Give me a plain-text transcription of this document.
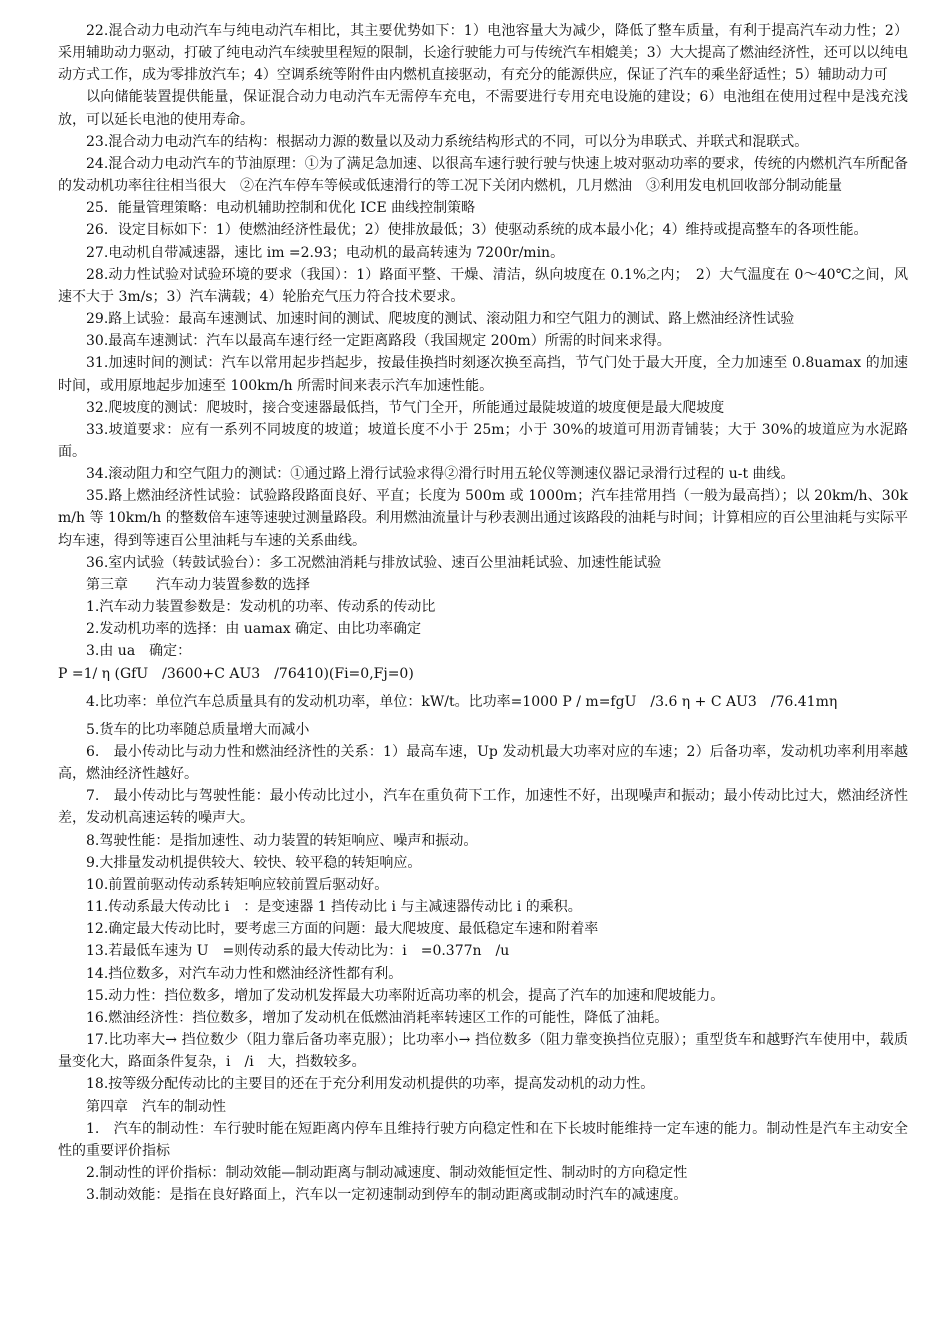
22.混合动力电动汽车与纯电动汽车相比，其主要优势如下：1）电池容量大为减少，降低了整车质量，有利于提高汽车动力性；2）采用辅助动力驱动，打破了纯电动汽车续驶里程短的限制，长途行驶能力可与传统汽车相媲美；3）大大提高了燃油经济性，还可以以纯电动方式工作，成为零排放汽车；4）空调系统等附件由内燃机直接驱动，有充分的能源供应，保证了汽车的乘坐舒适性；5）辅助动力可

以向储能装置提供能量，保证混合动力电动汽车无需停车充电，不需要进行专用充电设施的建设；6）电池组在使用过程中是浅充浅放，可以延长电池的使用寿命。

23.混合动力电动汽车的结构：根据动力源的数量以及动力系统结构形式的不同，可以分为串联式、并联式和混联式。

24.混合动力电动汽车的节油原理：①为了满足急加速、以很高车速行驶行驶与快速上坡对驱动功率的要求，传统的内燃机汽车所配备的发动机功率往往相当很大　②在汽车停车等候或低速滑行的等工况下关闭内燃机，几月燃油　③利用发电机回收部分制动能量

25．能量管理策略：电动机辅助控制和优化 ICE 曲线控制策略

26．设定目标如下：1）使燃油经济性最优；2）使排放最低；3）使驱动系统的成本最小化；4）维持或提高整车的各项性能。

27.电动机自带减速器，速比 im =2.93；电动机的最高转速为 7200r/min。

28.动力性试验对试验环境的要求（我国）：1）路面平整、干燥、清洁，纵向坡度在 0.1%之内；　2）大气温度在 0～40℃之间，风速不大于 3m/s；3）汽车满载；4）轮胎充气压力符合技术要求。

29.路上试验：最高车速测试、加速时间的测试、爬坡度的测试、滚动阻力和空气阻力的测试、路上燃油经济性试验

30.最高车速测试：汽车以最高车速行经一定距离路段（我国规定 200m）所需的时间来求得。

31.加速时间的测试：汽车以常用起步挡起步，按最佳换挡时刻逐次换至高挡，节气门处于最大开度，全力加速至 0.8uamax 的加速时间，或用原地起步加速至 100km/h 所需时间来表示汽车加速性能。

32.爬坡度的测试：爬坡时，接合变速器最低挡，节气门全开，所能通过最陡坡道的坡度便是最大爬坡度

33.坡道要求：应有一系列不同坡度的坡道；坡道长度不小于 25m；小于 30%的坡道可用沥青铺装；大于 30%的坡道应为水泥路面。

34.滚动阻力和空气阻力的测试：①通过路上滑行试验求得②滑行时用五轮仪等测速仪器记录滑行过程的 u-t 曲线。

35.路上燃油经济性试验：试验路段路面良好、平直；长度为 500m 或 1000m；汽车挂常用挡（一般为最高挡）；以 20km/h、30km/h 等 10km/h 的整数倍车速等速驶过测量路段。利用燃油流量计与秒表测出通过该路段的油耗与时间；计算相应的百公里油耗与实际平均车速，得到等速百公里油耗与车速的关系曲线。

36.室内试验（转鼓试验台）：多工况燃油消耗与排放试验、速百公里油耗试验、加速性能试验

第三章　　汽车动力装置参数的选择

1.汽车动力装置参数是：发动机的功率、传动系的传动比

2.发动机功率的选择：由 uamax 确定、由比功率确定

3.由 ua　确定：

P =1/ η (GfU　/3600+C AU3　/76410)(Fi=0,Fj=0)

4.比功率：单位汽车总质量具有的发动机功率，单位：kW/t。比功率=1000 P / m=fgU　/3.6 η + C AU3　/76.41mη

5.货车的比功率随总质量增大而减小

6.　最小传动比与动力性和燃油经济性的关系：1）最高车速，Up 发动机最大功率对应的车速；2）后备功率，发动机功率利用率越高，燃油经济性越好。

7.　最小传动比与驾驶性能：最小传动比过小，汽车在重负荷下工作，加速性不好，出现噪声和振动；最小传动比过大，燃油经济性差，发动机高速运转的噪声大。

8.驾驶性能：是指加速性、动力装置的转矩响应、噪声和振动。

9.大排量发动机提供较大、较快、较平稳的转矩响应。

10.前置前驱动传动系转矩响应较前置后驱动好。

11.传动系最大传动比 i　：是变速器 1 挡传动比 i 与主减速器传动比 i 的乘积。

12.确定最大传动比时，要考虑三方面的问题：最大爬坡度、最低稳定车速和附着率

13.若最低车速为 U　=则传动系的最大传动比为：i　=0.377n　/u

14.挡位数多，对汽车动力性和燃油经济性都有利。

15.动力性：挡位数多，增加了发动机发挥最大功率附近高功率的机会，提高了汽车的加速和爬坡能力。

16.燃油经济性：挡位数多，增加了发动机在低燃油消耗率转速区工作的可能性，降低了油耗。

17.比功率大→ 挡位数少（阻力靠后备功率克服）；比功率小→ 挡位数多（阻力靠变换挡位克服）；重型货车和越野汽车使用中，载质量变化大，路面条件复杂，i　/i　大，挡数较多。

18.按等级分配传动比的主要目的还在于充分利用发动机提供的功率，提高发动机的动力性。

第四章　汽车的制动性

1.　汽车的制动性：车行驶时能在短距离内停车且维持行驶方向稳定性和在下长坡时能维持一定车速的能力。制动性是汽车主动安全性的重要评价指标

2.制动性的评价指标：制动效能—制动距离与制动减速度、制动效能恒定性、制动时的方向稳定性

3.制动效能：是指在良好路面上，汽车以一定初速制动到停车的制动距离或制动时汽车的减速度。
